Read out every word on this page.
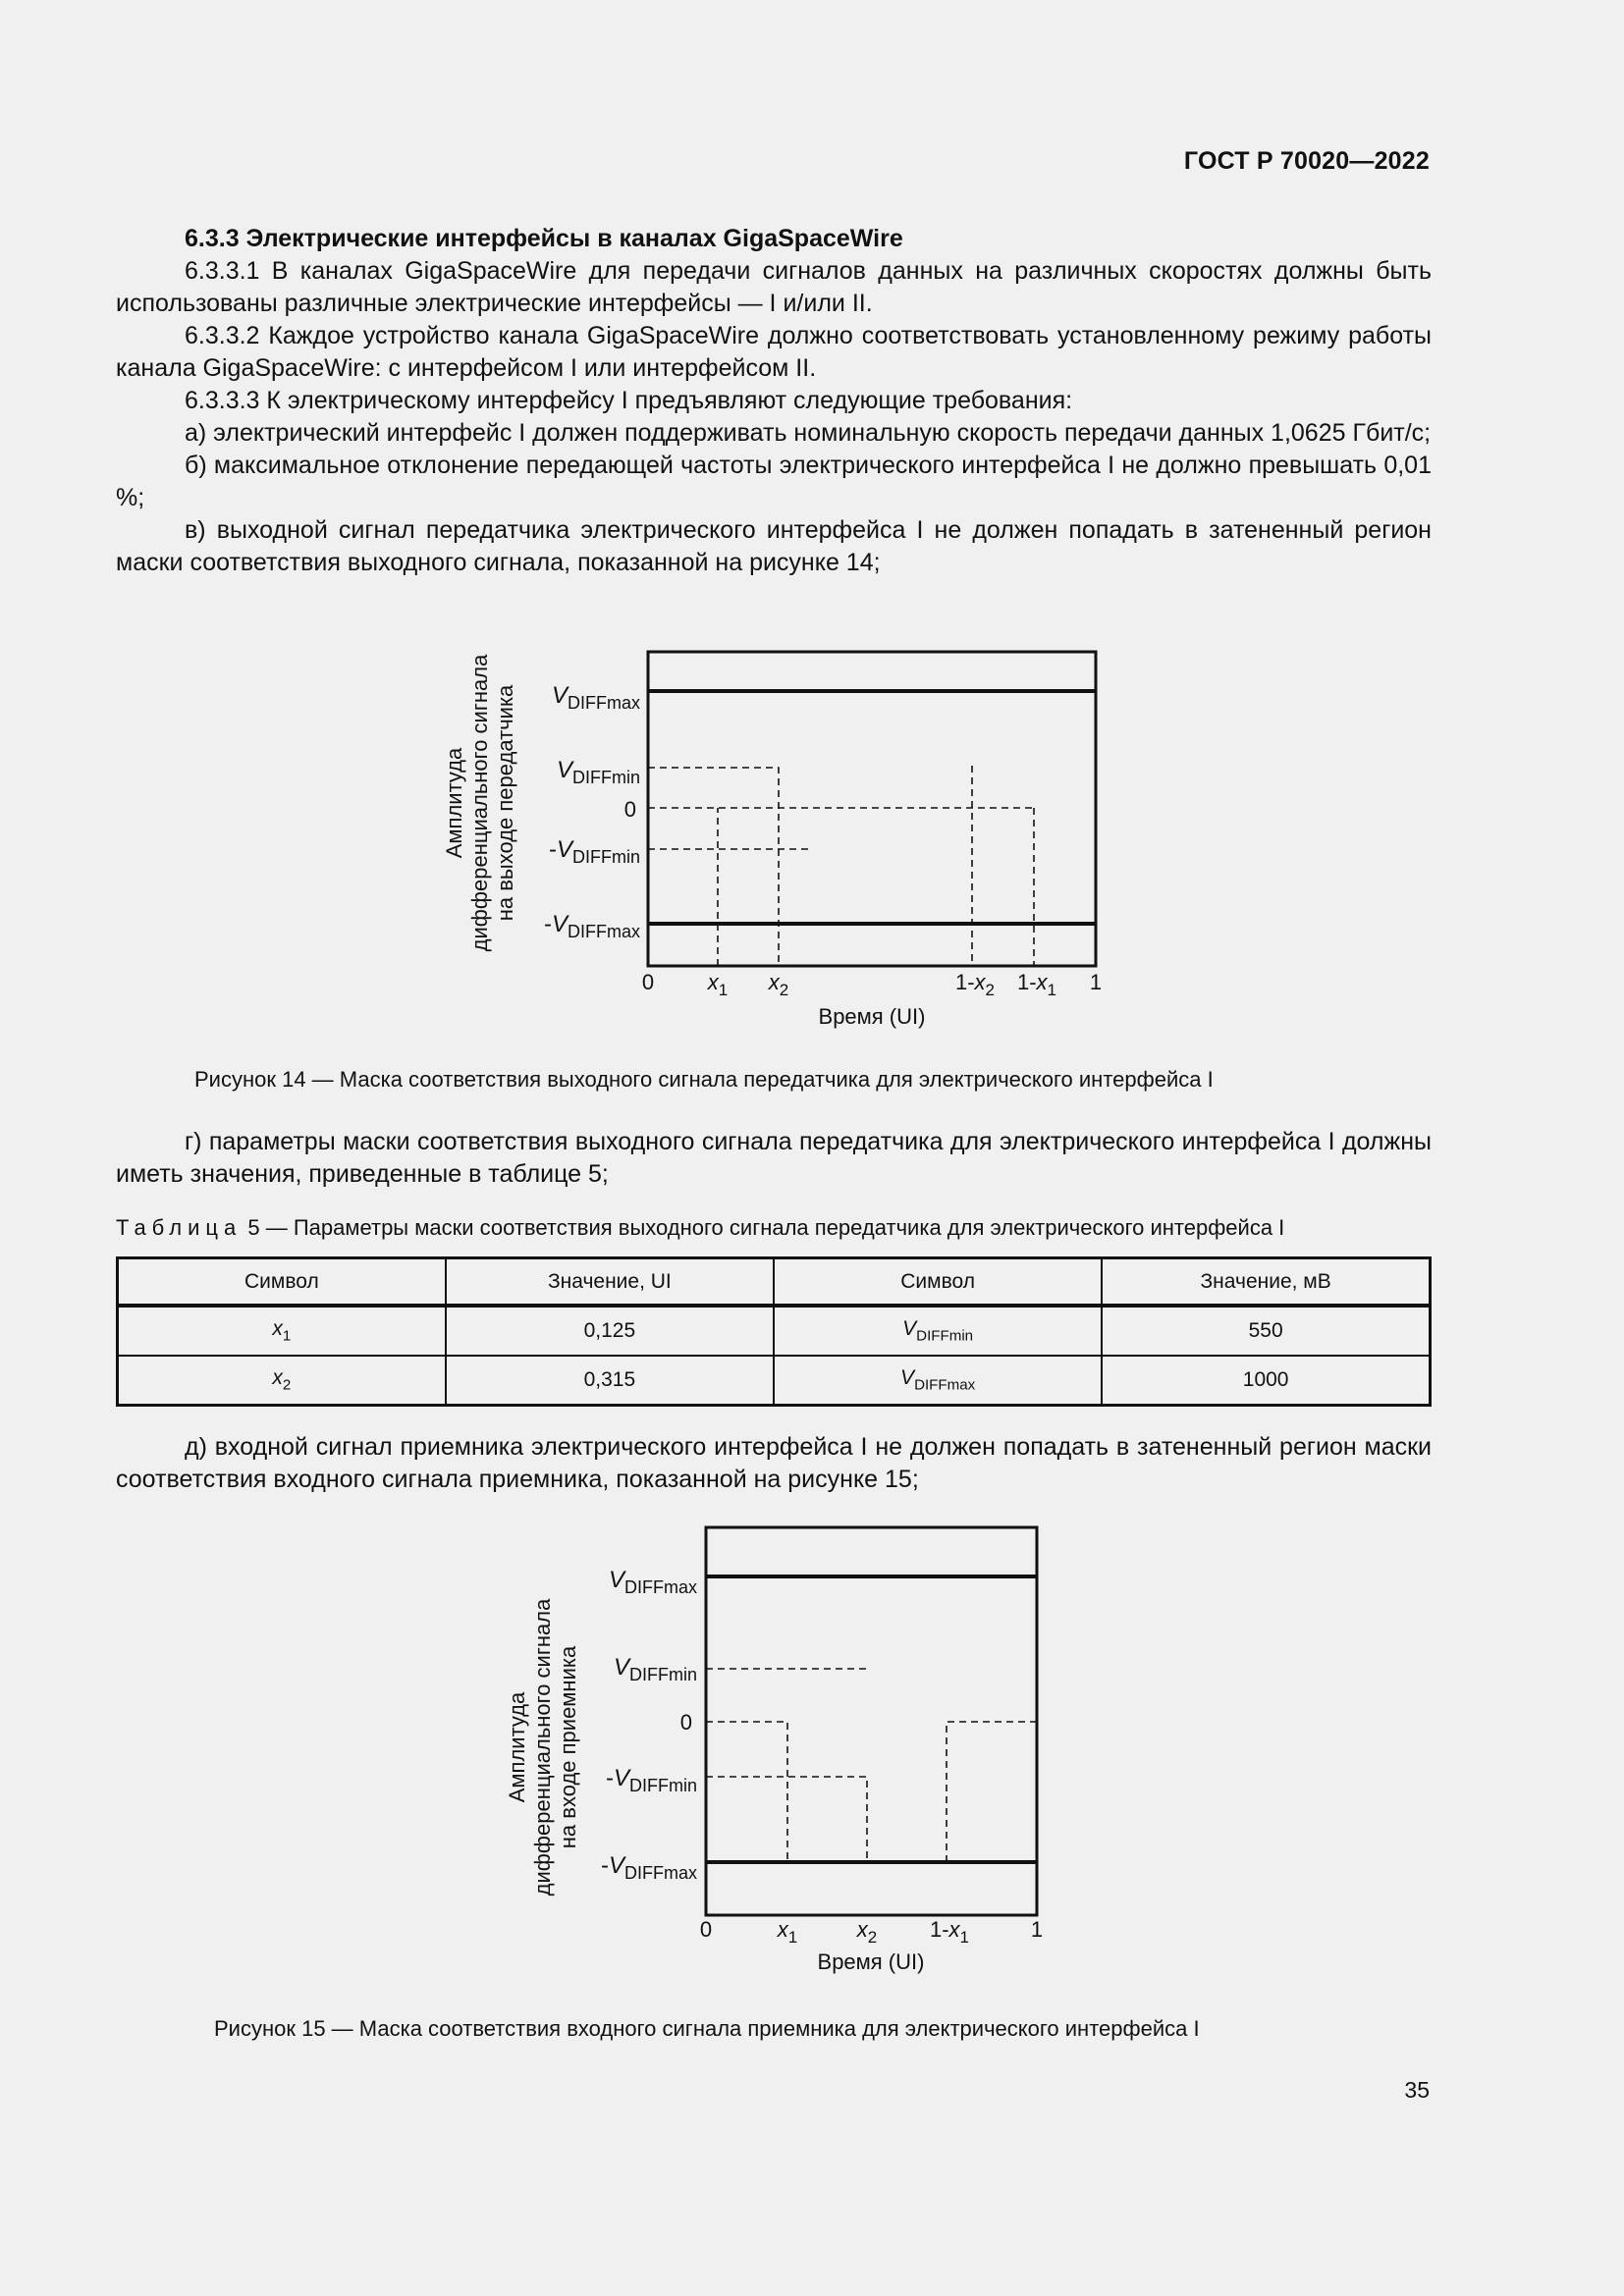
ГОСТ Р 70020—2022

6.3.3 Электрические интерфейсы в каналах GigaSpaceWire

6.3.3.1 В каналах GigaSpaceWire для передачи сигналов данных на различных скоростях должны быть использованы различные электрические интерфейсы — I и/или II.

6.3.3.2 Каждое устройство канала GigaSpaceWire должно соответствовать установленному режиму работы канала GigaSpaceWire: с интерфейсом I или интерфейсом II.

6.3.3.3 К электрическому интерфейсу I предъявляют следующие требования:

а) электрический интерфейс I должен поддерживать номинальную скорость передачи данных 1,0625 Гбит/с;

б) максимальное отклонение передающей частоты электрического интерфейса I не должно превышать 0,01 %;

в) выходной сигнал передатчика электрического интерфейса I не должен попадать в затененный регион маски соответствия выходного сигнала, показанной на рисунке 14;

Амплитуда дифференциального сигнала на выходе передатчика $V_{DIFFmax}$
$V_{DIFFmin}$
0
$-V_{DIFFmin}$
$-V_{DIFFmax}$
0 $x_1$ $x_2$	$1-x_2$ $1-x_1$ 1
Время (UI)
Рисунок 14 — Маска соответствия выходного сигнала передатчика для электрического интерфейса I

г) параметры маски соответствия выходного сигнала передатчика для электрического интерфейса I должны иметь значения, приведенные в таблице 5;

Таблица 5 — Параметры маски соответствия выходного сигнала передатчика для электрического интерфейса I
Символ	Значение, UI	Символ	Значение, мВ
$x_1$	0,125	$V_{DIFFmin}$	550
$x_2$	0,315	$V_{DIFFmax}$	1000

д) входной сигнал приемника электрического интерфейса I не должен попадать в затененный регион маски соответствия входного сигнала приемника, показанной на рисунке 15;

Амплитуда дифференциального сигнала на входе приемника
$V_{DIFFmax}$
$V_{DIFFmin}$
0
$-V_{DIFFmin}$
$-V_{DIFFmax}$
0	$x_1$	$x_2$ $1-x_1$	1
Время (UI)
Рисунок 15 — Маска соответствия входного сигнала приемника для электрического интерфейса I
35
